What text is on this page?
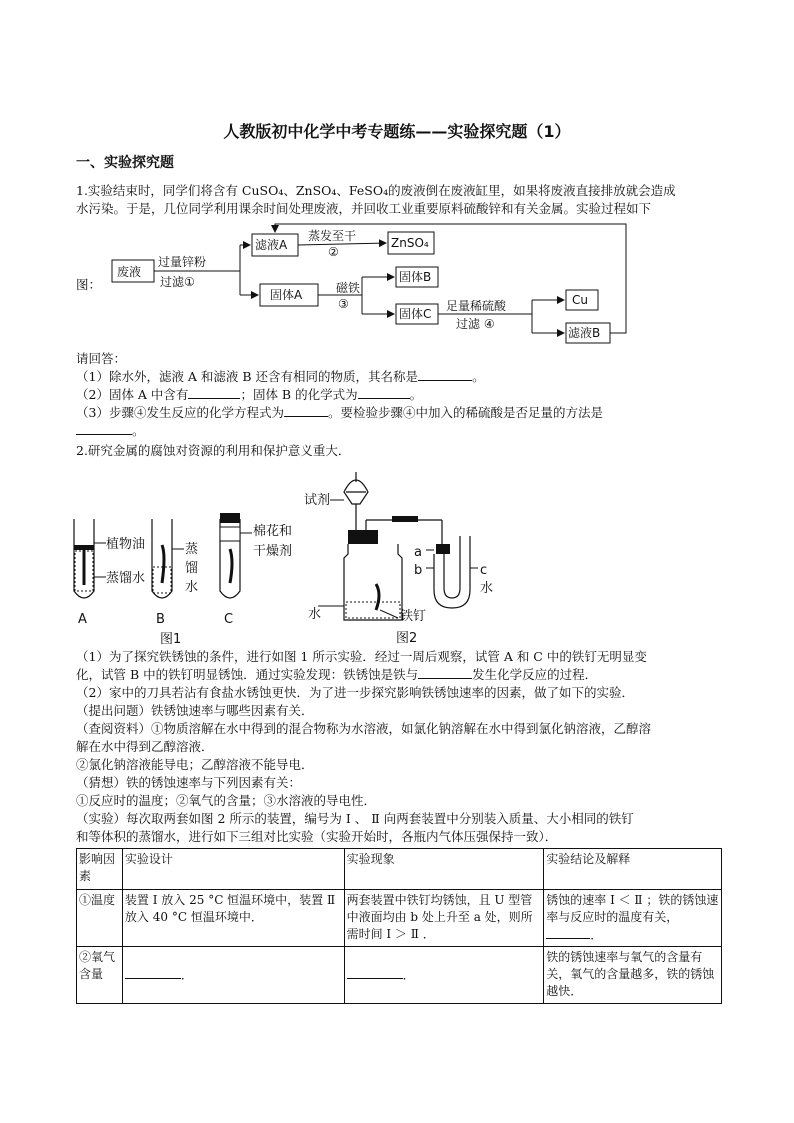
人教版初中化学中考专题练——实验探究题（1）
一、实验探究题
1.实验结束时，同学们将含有 CuSO₄、ZnSO₄、FeSO₄的废液倒在废液缸里，如果将废液直接排放就会造成
水污染。于是，几位同学利用课余时间处理废液，并回收工业重要原料硫酸锌和有关金属。实验过程如下
图：
废液
过量锌粉
过滤①
滤液A
蒸发至干
②
ZnSO₄
固体A	磁铁
③
固体B
固体C
足量稀硫酸
过滤 ④
Cu
滤液B
请回答：
（1）除水外，滤液 A 和滤液 B 还含有相同的物质，其名称是	。
（2）固体 A 中含有	；固体 B 的化学式为	。
（3）步骤④发生反应的化学方程式为	。要检验步骤④中加入的稀硫酸是否足量的方法是
。
2.研究金属的腐蚀对资源的利用和保护意义重大．
植物油
蒸馏水
蒸
馏
水
棉花和
干燥剂
A	B	C
图1
试剂
水	铁钉
a
b	c
水
图2
（1）为了探究铁锈蚀的条件，进行如图 1 所示实验．经过一周后观察，试管 A 和 C 中的铁钉无明显变
化，试管 B 中的铁钉明显锈蚀．通过实验发现：铁锈蚀是铁与	发生化学反应的过程．
（2）家中的刀具若沾有食盐水锈蚀更快．为了进一步探究影响铁锈蚀速率的因素，做了如下的实验．
（提出问题）铁锈蚀速率与哪些因素有关．
（查阅资料）①物质溶解在水中得到的混合物称为水溶液，如氯化钠溶解在水中得到氯化钠溶液，乙醇溶
解在水中得到乙醇溶液．
②氯化钠溶液能导电；乙醇溶液不能导电．
（猜想）铁的锈蚀速率与下列因素有关：
①反应时的温度；②氧气的含量；③水溶液的导电性．
（实验）每次取两套如图 2 所示的装置，编号为 Ⅰ 、 Ⅱ 向两套装置中分别装入质量、大小相同的铁钉
和等体积的蒸馏水，进行如下三组对比实验（实验开始时，各瓶内气体压强保持一致）．
影响因素	实验设计	实验现象	实验结论及解释
①温度	装置 Ⅰ 放入 25 °C 恒温环境中，装置 Ⅱ 放入 40 °C 恒温环境中．	两套装置中铁钉均锈蚀，且 U 型管中液面均由 b 处上升至 a 处，则所需时间 Ⅰ ＞ Ⅱ ．	锈蚀的速率 Ⅰ ＜ Ⅱ ；铁的锈蚀速率与反应时的温度有关，．
②氧气含量	．	．	铁的锈蚀速率与氧气的含量有关，氧气的含量越多，铁的锈蚀越快．
